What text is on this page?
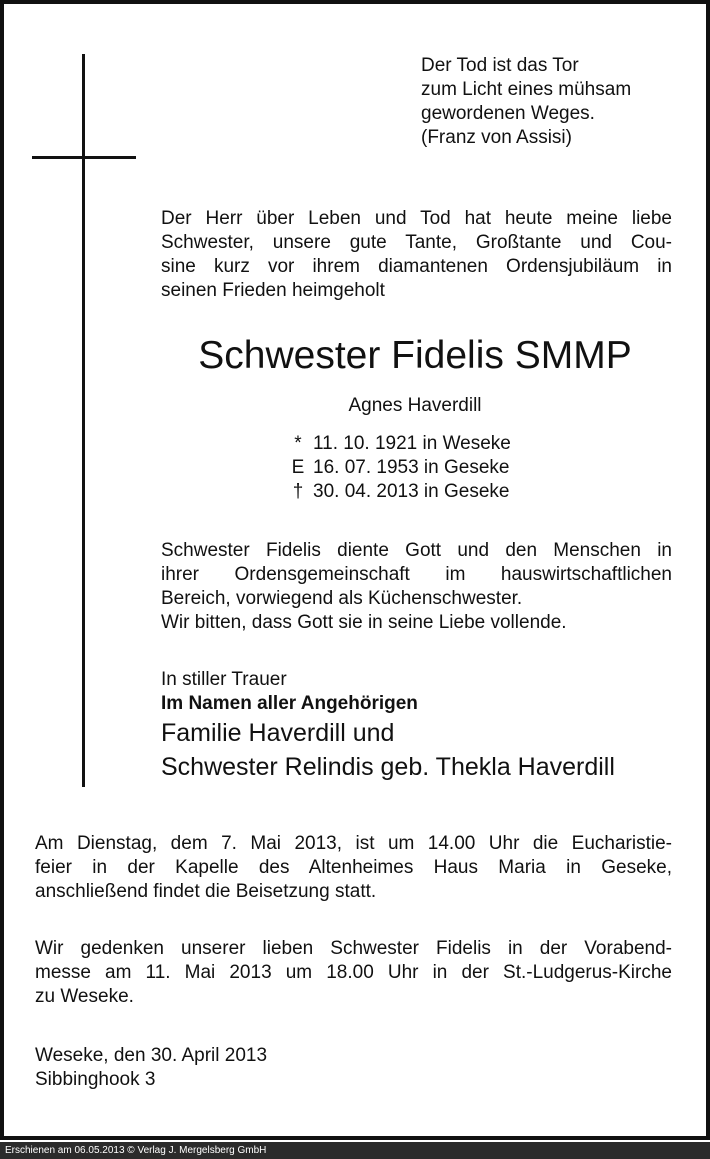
Der Tod ist das Tor
zum Licht eines mühsam
gewordenen Weges.
(Franz von Assisi)
Der Herr über Leben und Tod hat heute meine liebe
Schwester, unsere gute Tante, Großtante und Cou-
sine kurz vor ihrem diamantenen Ordensjubiläum in
seinen Frieden heimgeholt
Schwester Fidelis SMMP
Agnes Haverdill
* 11. 10. 1921 in Weseke
E 16. 07. 1953 in Geseke
† 30. 04. 2013 in Geseke
Schwester Fidelis diente Gott und den Menschen in
ihrer Ordensgemeinschaft im hauswirtschaftlichen
Bereich, vorwiegend als Küchenschwester.
Wir bitten, dass Gott sie in seine Liebe vollende.
In stiller Trauer
Im Namen aller Angehörigen
Familie Haverdill und
Schwester Relindis geb. Thekla Haverdill
Am Dienstag, dem 7. Mai 2013, ist um 14.00 Uhr die Eucharistie-
feier in der Kapelle des Altenheimes Haus Maria in Geseke,
anschließend findet die Beisetzung statt.
Wir gedenken unserer lieben Schwester Fidelis in der Vorabend-
messe am 11. Mai 2013 um 18.00 Uhr in der St.-Ludgerus-Kirche
zu Weseke.
Weseke, den 30. April 2013
Sibbinghook 3
Erschienen am 06.05.2013 © Verlag J. Mergelsberg GmbH
